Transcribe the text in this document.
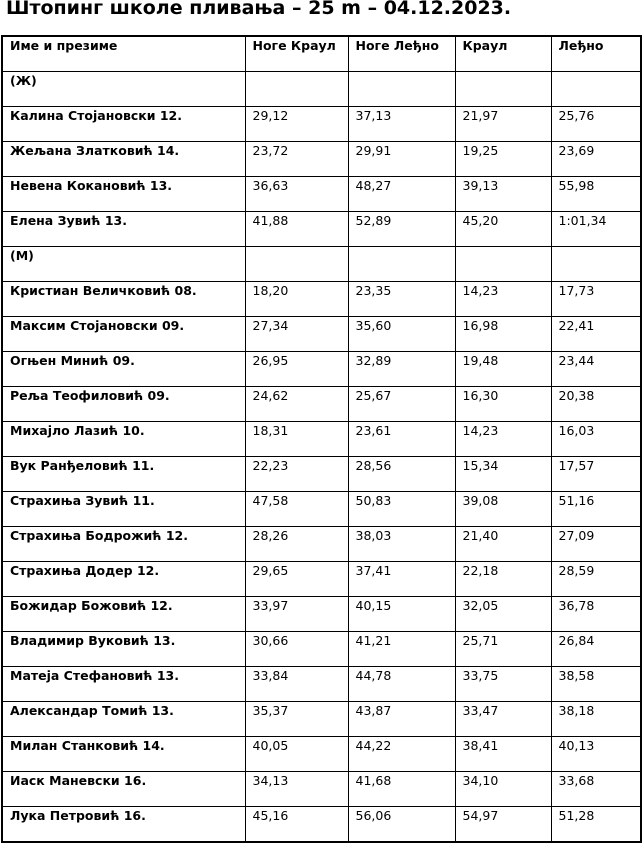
Штопинг школе пливања – 25 m – 04.12.2023.
Име и презиме	Ноге Краул	Ноге Леђно	Краул	Леђно
(Ж)				
Калина Стојановски 12.	29,12	37,13	21,97	25,76
Жељана Златковић 14.	23,72	29,91	19,25	23,69
Невена Кокановић 13.	36,63	48,27	39,13	55,98
Елена Зувић 13.	41,88	52,89	45,20	1:01,34
(М)				
Кристиан Величковић 08.	18,20	23,35	14,23	17,73
Максим Стојановски 09.	27,34	35,60	16,98	22,41
Огњен Минић 09.	26,95	32,89	19,48	23,44
Реља Теофиловић 09.	24,62	25,67	16,30	20,38
Михајло Лазић 10.	18,31	23,61	14,23	16,03
Вук Ранђеловић 11.	22,23	28,56	15,34	17,57
Страхиња Зувић 11.	47,58	50,83	39,08	51,16
Страхиња Бодрожић 12.	28,26	38,03	21,40	27,09
Страхиња Додер 12.	29,65	37,41	22,18	28,59
Божидар Божовић 12.	33,97	40,15	32,05	36,78
Владимир Вуковић 13.	30,66	41,21	25,71	26,84
Матеја Стефановић 13.	33,84	44,78	33,75	38,58
Александар Томић 13.	35,37	43,87	33,47	38,18
Милан Станковић 14.	40,05	44,22	38,41	40,13
Иаск Маневски 16.	34,13	41,68	34,10	33,68
Лука Петровић 16.	45,16	56,06	54,97	51,28
